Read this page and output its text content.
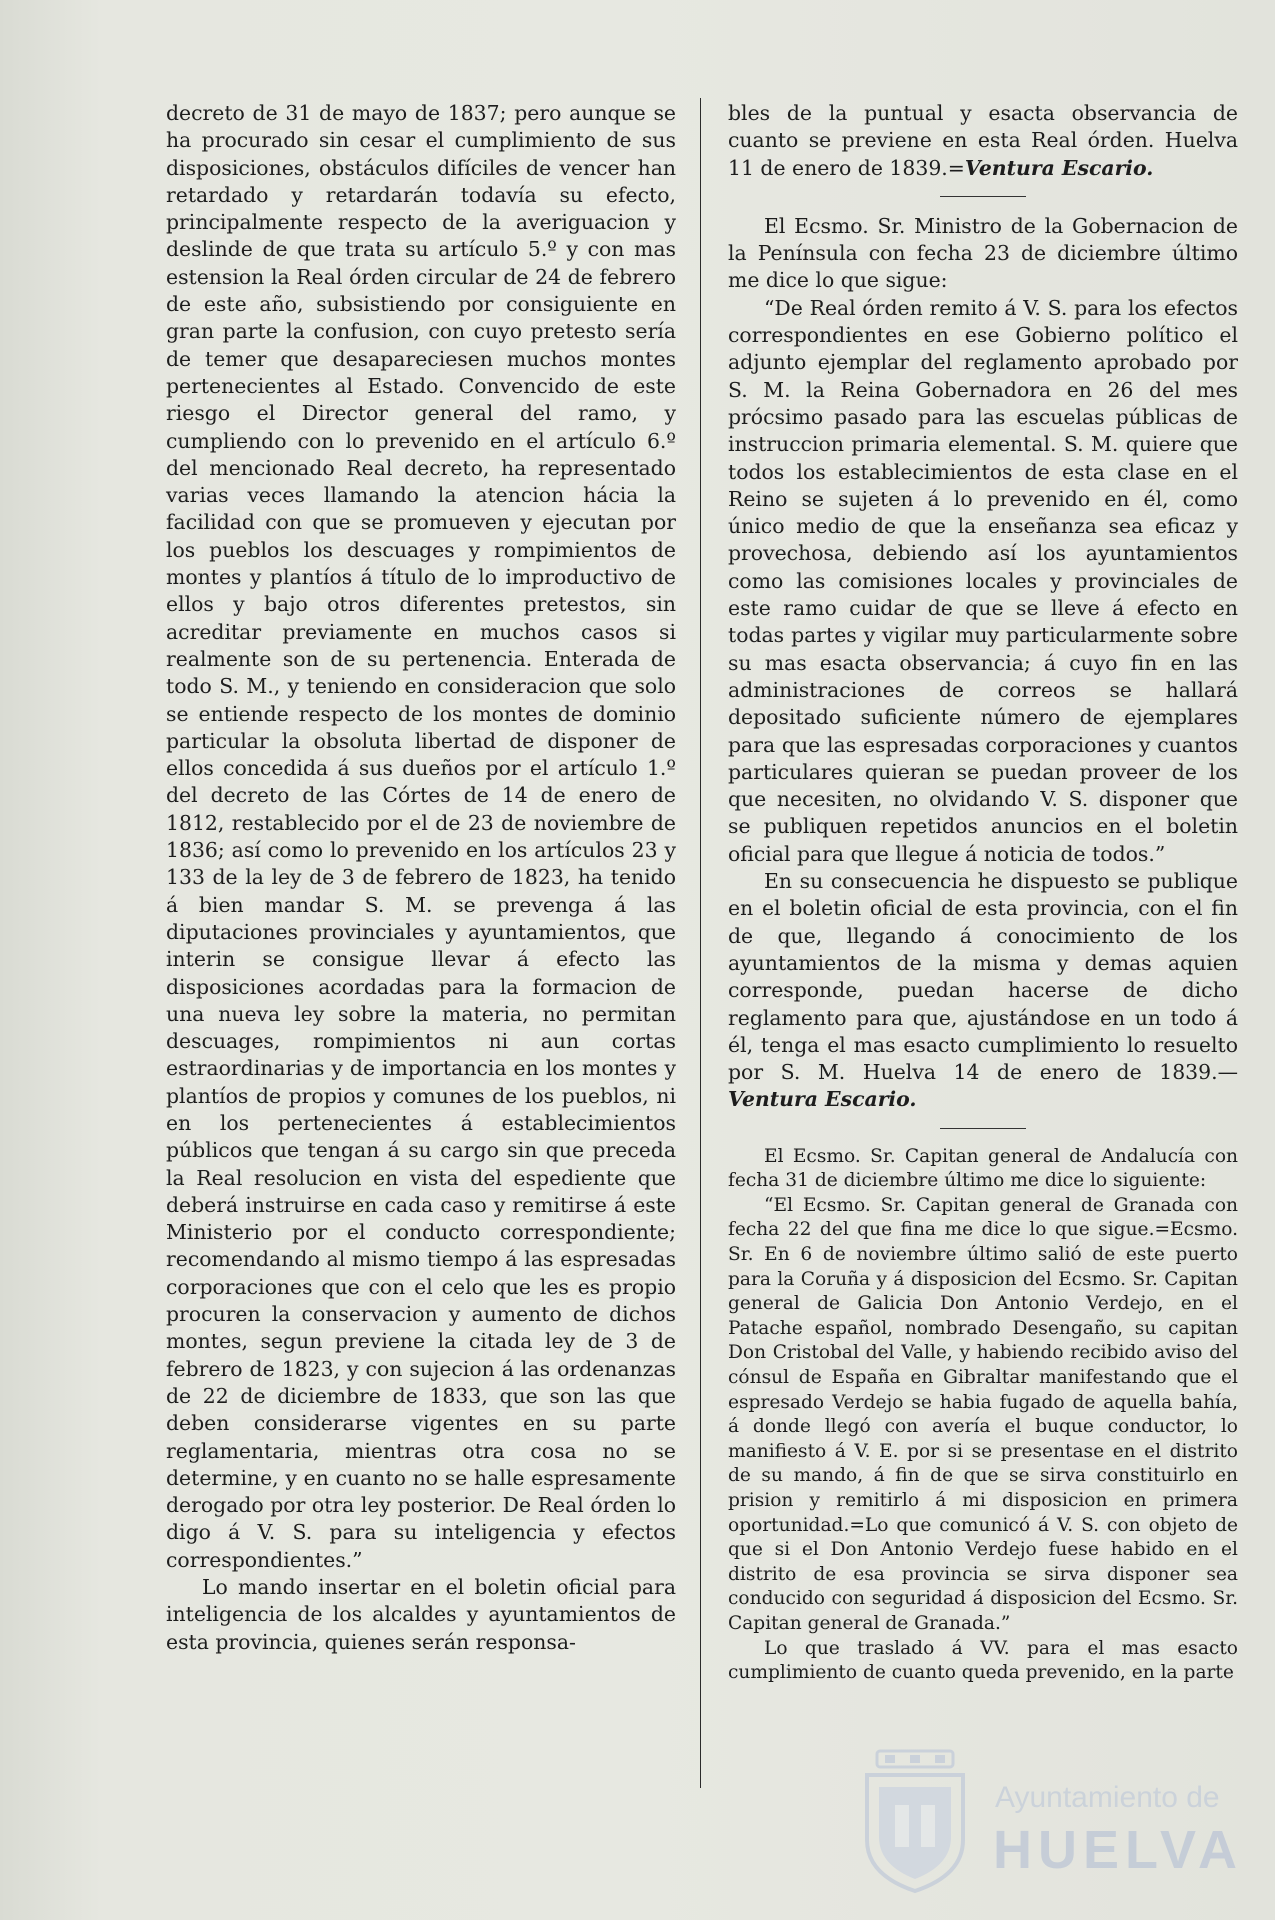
decreto de 31 de mayo de 1837; pero aunque se ha procurado sin cesar el cumplimiento de sus disposiciones, obstáculos difíciles de vencer han retardado y retardarán todavía su efecto, principalmente respecto de la averiguacion y deslinde de que trata su artículo 5.º y con mas estension la Real órden circular de 24 de febrero de este año, subsistiendo por consiguiente en gran parte la confusion, con cuyo pretesto sería de temer que desapareciesen muchos montes pertenecientes al Estado. Convencido de este riesgo el Director general del ramo, y cumpliendo con lo prevenido en el artículo 6.º del mencionado Real decreto, ha representado varias veces llamando la atencion hácia la facilidad con que se promueven y ejecutan por los pueblos los descuages y rompimientos de montes y plantíos á título de lo improductivo de ellos y bajo otros diferentes pretestos, sin acreditar previamente en muchos casos si realmente son de su pertenencia. Enterada de todo S. M., y teniendo en consideracion que solo se entiende respecto de los montes de dominio particular la obsoluta libertad de disponer de ellos concedida á sus dueños por el artículo 1.º del decreto de las Córtes de 14 de enero de 1812, restablecido por el de 23 de noviembre de 1836; así como lo prevenido en los artículos 23 y 133 de la ley de 3 de febrero de 1823, ha tenido á bien mandar S. M. se prevenga á las diputaciones provinciales y ayuntamientos, que interin se consigue llevar á efecto las disposiciones acordadas para la formacion de una nueva ley sobre la materia, no permitan descuages, rompimientos ni aun cortas estraordinarias y de importancia en los montes y plantíos de propios y comunes de los pueblos, ni en los pertenecientes á establecimientos públicos que tengan á su cargo sin que preceda la Real resolucion en vista del espediente que deberá instruirse en cada caso y remitirse á este Ministerio por el conducto correspondiente; recomendando al mismo tiempo á las espresadas corporaciones que con el celo que les es propio procuren la conservacion y aumento de dichos montes, segun previene la citada ley de 3 de febrero de 1823, y con sujecion á las ordenanzas de 22 de diciembre de 1833, que son las que deben considerarse vigentes en su parte reglamentaria, mientras otra cosa no se determine, y en cuanto no se halle espresamente derogado por otra ley posterior. De Real órden lo digo á V. S. para su inteligencia y efectos correspondientes.”

Lo mando insertar en el boletin oficial para inteligencia de los alcaldes y ayuntamientos de esta provincia, quienes serán responsa-

bles de la puntual y esacta observancia de cuanto se previene en esta Real órden. Huelva 11 de enero de 1839.=Ventura Escario.

El Ecsmo. Sr. Ministro de la Gobernacion de la Península con fecha 23 de diciembre último me dice lo que sigue:

“De Real órden remito á V. S. para los efectos correspondientes en ese Gobierno político el adjunto ejemplar del reglamento aprobado por S. M. la Reina Gobernadora en 26 del mes prócsimo pasado para las escuelas públicas de instruccion primaria elemental. S. M. quiere que todos los establecimientos de esta clase en el Reino se sujeten á lo prevenido en él, como único medio de que la enseñanza sea eficaz y provechosa, debiendo así los ayuntamientos como las comisiones locales y provinciales de este ramo cuidar de que se lleve á efecto en todas partes y vigilar muy particularmente sobre su mas esacta observancia; á cuyo fin en las administraciones de correos se hallará depositado suficiente número de ejemplares para que las espresadas corporaciones y cuantos particulares quieran se puedan proveer de los que necesiten, no olvidando V. S. disponer que se publiquen repetidos anuncios en el boletin oficial para que llegue á noticia de todos.”

En su consecuencia he dispuesto se publique en el boletin oficial de esta provincia, con el fin de que, llegando á conocimiento de los ayuntamientos de la misma y demas aquien corresponde, puedan hacerse de dicho reglamento para que, ajustándose en un todo á él, tenga el mas esacto cumplimiento lo resuelto por S. M. Huelva 14 de enero de 1839.—Ventura Escario.

El Ecsmo. Sr. Capitan general de Andalucía con fecha 31 de diciembre último me dice lo siguiente:

“El Ecsmo. Sr. Capitan general de Granada con fecha 22 del que fina me dice lo que sigue.=Ecsmo. Sr. En 6 de noviembre último salió de este puerto para la Coruña y á disposicion del Ecsmo. Sr. Capitan general de Galicia Don Antonio Verdejo, en el Patache español, nombrado Desengaño, su capitan Don Cristobal del Valle, y habiendo recibido aviso del cónsul de España en Gibraltar manifestando que el espresado Verdejo se habia fugado de aquella bahía, á donde llegó con avería el buque conductor, lo manifiesto á V. E. por si se presentase en el distrito de su mando, á fin de que se sirva constituirlo en prision y remitirlo á mi disposicion en primera oportunidad.=Lo que comunicó á V. S. con objeto de que si el Don Antonio Verdejo fuese habido en el distrito de esa provincia se sirva disponer sea conducido con seguridad á disposicion del Ecsmo. Sr. Capitan general de Granada.”

Lo que traslado á VV. para el mas esacto cumplimiento de cuanto queda prevenido, en la parte

Ayuntamiento de
HUELVA
